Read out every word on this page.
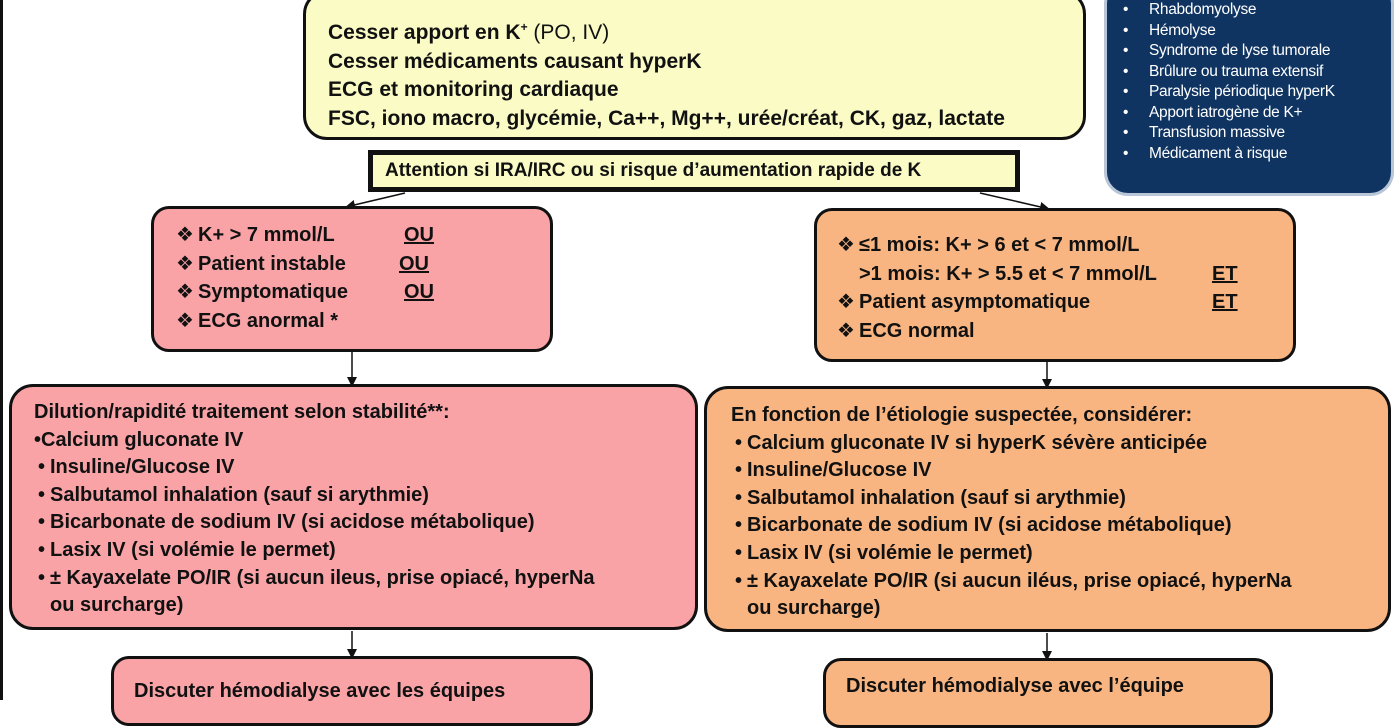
Cesser apport en K+ (PO, IV)
Cesser médicaments causant hyperK
ECG et monitoring cardiaque
FSC, iono macro, glycémie, Ca++, Mg++, urée/créat, CK, gaz, lactate
Attention si IRA/IRC ou si risque d’aumentation rapide de K
• Rhabdomyolyse
• Hémolyse
• Syndrome de lyse tumorale
• Brûlure ou trauma extensif
• Paralysie périodique hyperK
• Apport iatrogène de K+
• Transfusion massive
• Médicament à risque
❖ K+ > 7 mmol/L	OU
❖ Patient instable	OU
❖ Symptomatique	OU
❖ ECG anormal *
❖ ≤1 mois: K+ > 6 et < 7 mmol/L
>1 mois: K+ > 5.5 et < 7 mmol/L	ET
❖ Patient asymptomatique	ET
❖ ECG normal
Dilution/rapidité traitement selon stabilité**:
•Calcium gluconate IV
• Insuline/Glucose IV
• Salbutamol inhalation (sauf si arythmie)
• Bicarbonate de sodium IV (si acidose métabolique)
• Lasix IV (si volémie le permet)
• ± Kayaxelate PO/IR (si aucun ileus, prise opiacé, hyperNa
ou surcharge)
En fonction de l’étiologie suspectée, considérer:
• Calcium gluconate IV si hyperK sévère anticipée
• Insuline/Glucose IV
• Salbutamol inhalation (sauf si arythmie)
• Bicarbonate de sodium IV (si acidose métabolique)
• Lasix IV (si volémie le permet)
• ± Kayaxelate PO/IR (si aucun iléus, prise opiacé, hyperNa
ou surcharge)
Discuter hémodialyse avec les équipes	Discuter hémodialyse avec l’équipe
